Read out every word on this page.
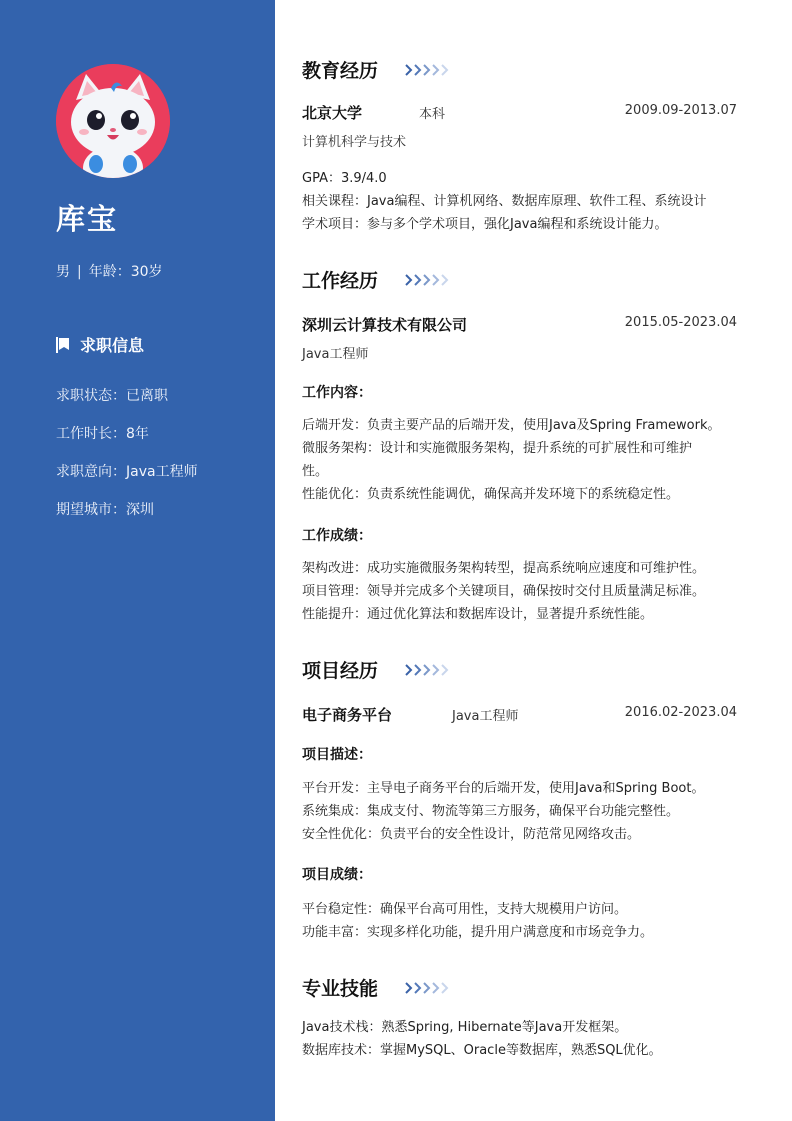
库宝
男 | 年龄：30岁
求职信息
求职状态：已离职
工作时长：8年
求职意向：Java工程师
期望城市：深圳
教育经历
北京大学	本科	2009.09-2013.07
计算机科学与技术
GPA：3.9/4.0
相关课程：Java编程、计算机网络、数据库原理、软件工程、系统设计
学术项目：参与多个学术项目，强化Java编程和系统设计能力。
工作经历
深圳云计算技术有限公司	2015.05-2023.04
Java工程师
工作内容：
后端开发：负责主要产品的后端开发，使用Java及Spring Framework。
微服务架构：设计和实施微服务架构，提升系统的可扩展性和可维护
性。
性能优化：负责系统性能调优，确保高并发环境下的系统稳定性。
工作成绩：
架构改进：成功实施微服务架构转型，提高系统响应速度和可维护性。
项目管理：领导并完成多个关键项目，确保按时交付且质量满足标准。
性能提升：通过优化算法和数据库设计，显著提升系统性能。
项目经历
电子商务平台	Java工程师	2016.02-2023.04
项目描述：
平台开发：主导电子商务平台的后端开发，使用Java和Spring Boot。
系统集成：集成支付、物流等第三方服务，确保平台功能完整性。
安全性优化：负责平台的安全性设计，防范常见网络攻击。
项目成绩：
平台稳定性：确保平台高可用性，支持大规模用户访问。
功能丰富：实现多样化功能，提升用户满意度和市场竞争力。
专业技能
Java技术栈：熟悉Spring, Hibernate等Java开发框架。
数据库技术：掌握MySQL、Oracle等数据库，熟悉SQL优化。
